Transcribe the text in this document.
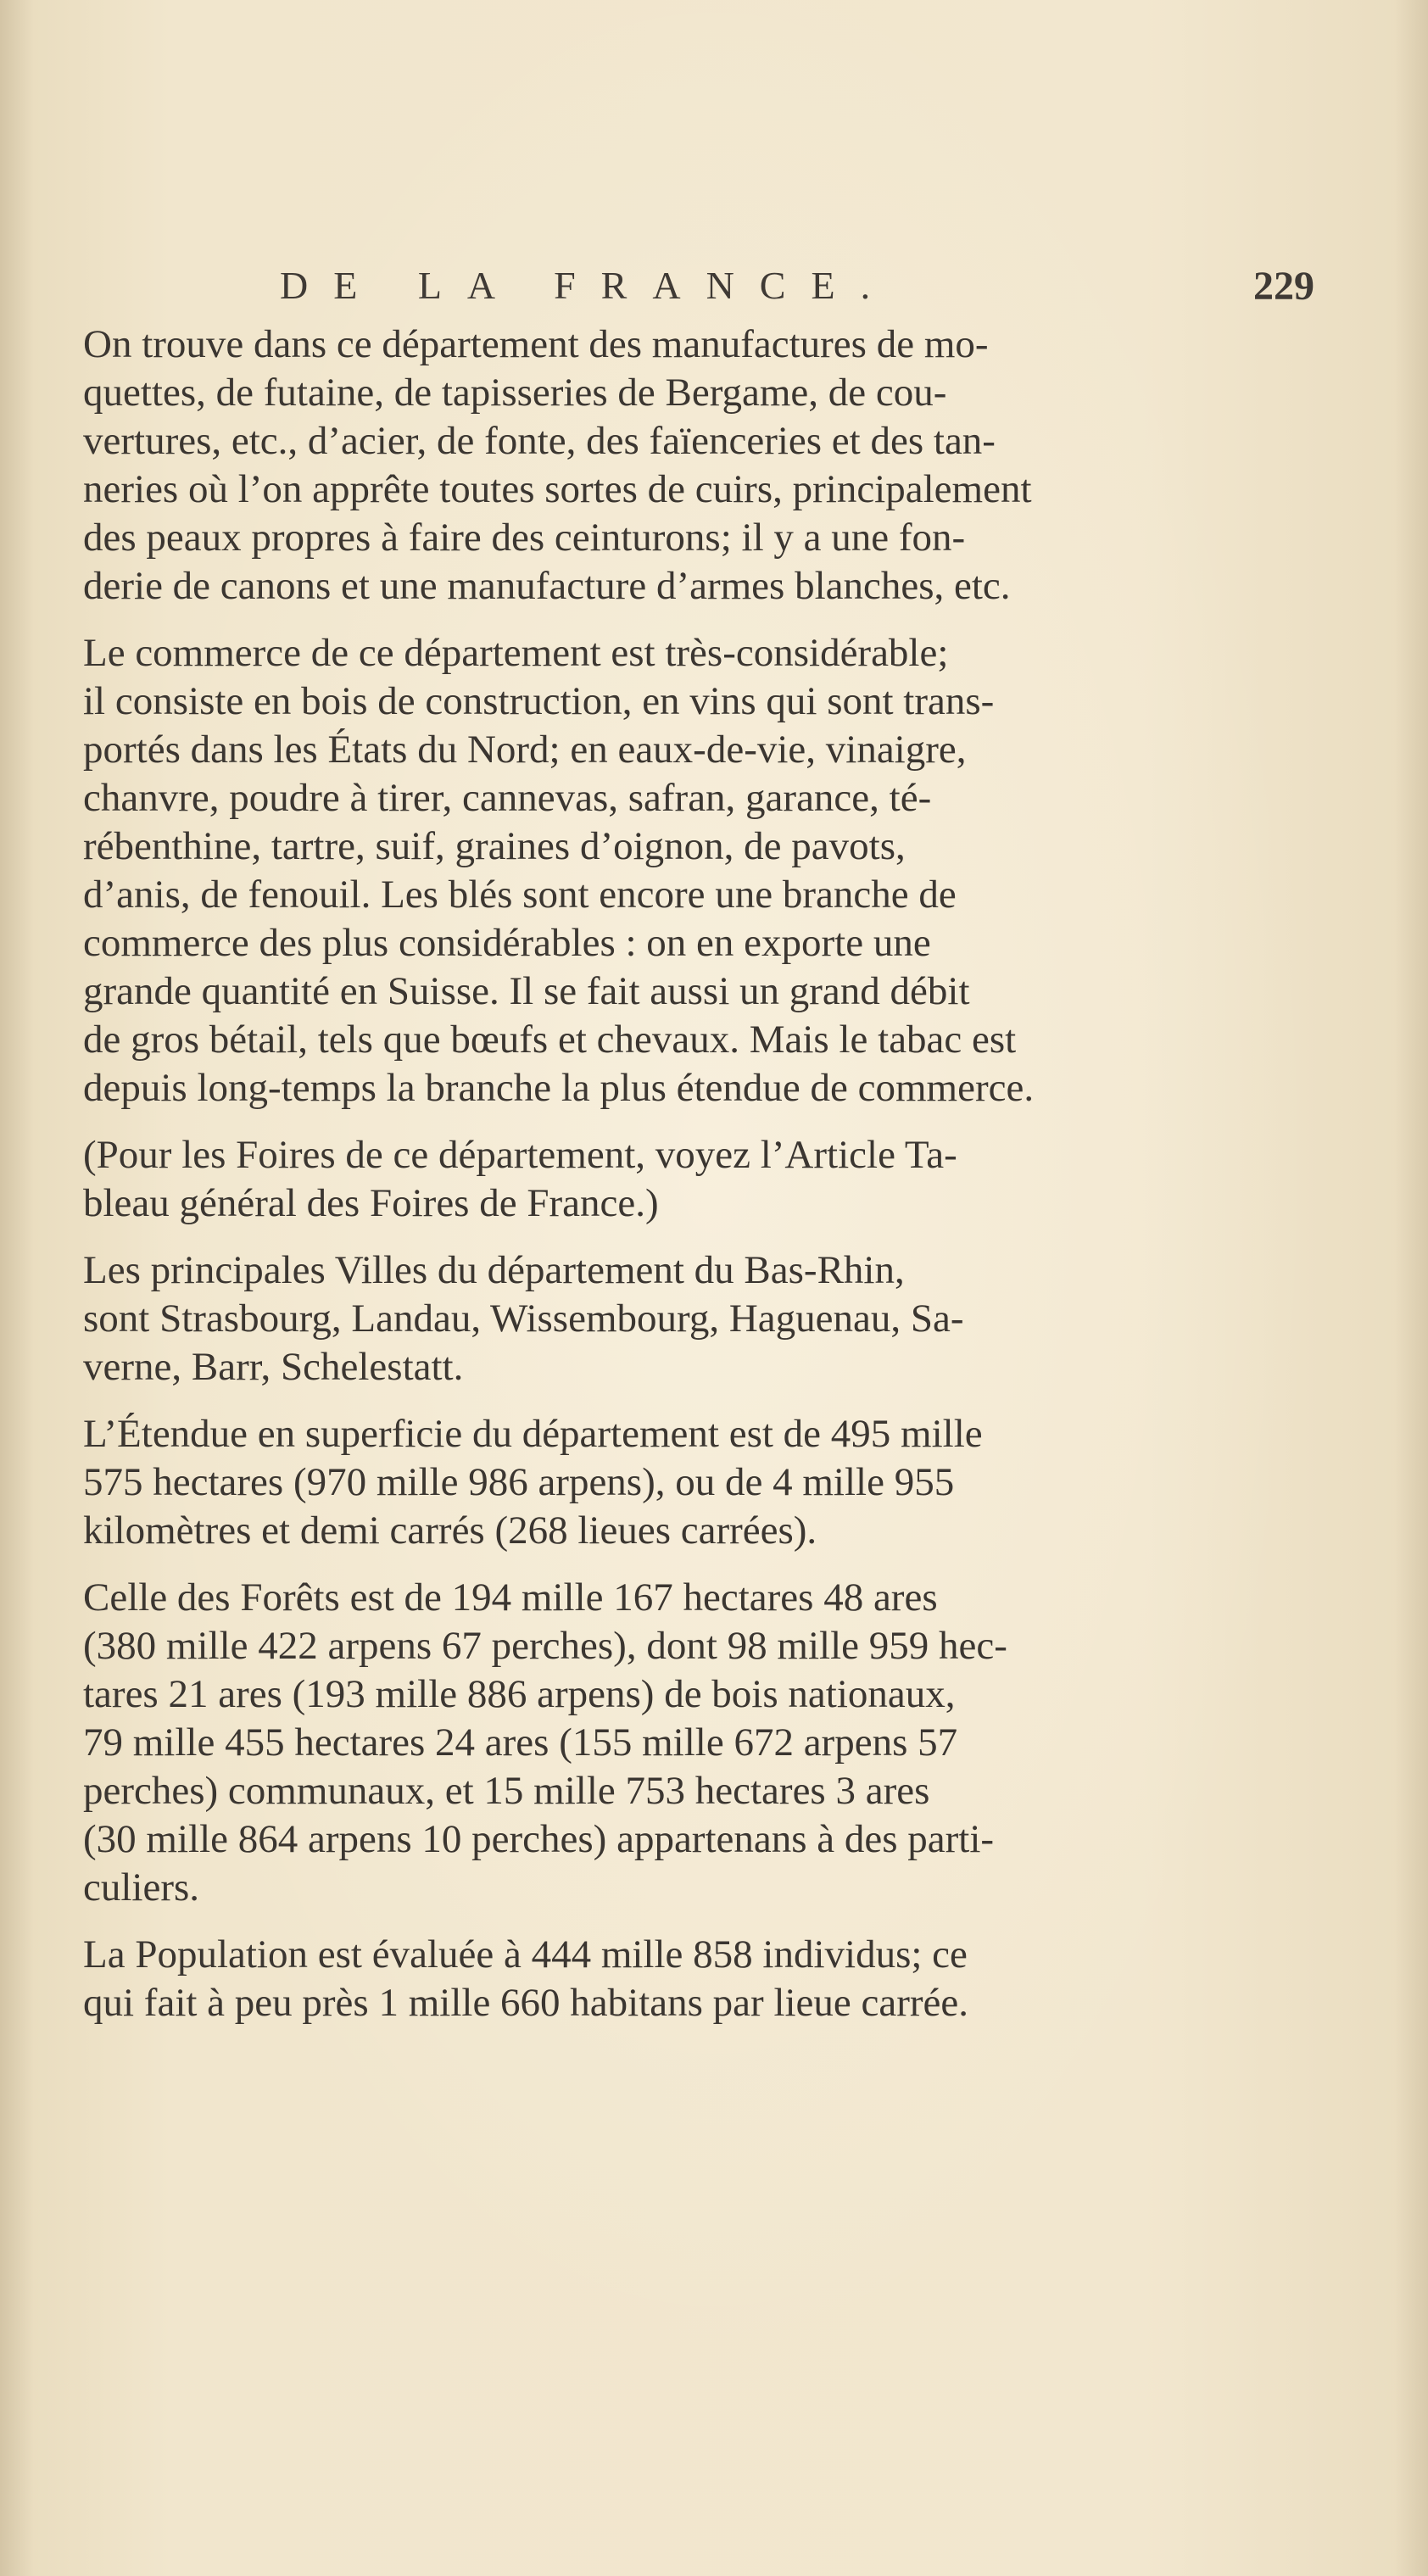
DE LA FRANCE.	229
On trouve dans ce département des manufactures de mo-
quettes, de futaine, de tapisseries de Bergame, de cou-
vertures, etc., d’acier, de fonte, des faïenceries et des tan-
neries où l’on apprête toutes sortes de cuirs, principalement
des peaux propres à faire des ceinturons; il y a une fon-
derie de canons et une manufacture d’armes blanches, etc.
Le commerce de ce département est très-considérable;
il consiste en bois de construction, en vins qui sont trans-
portés dans les États du Nord; en eaux-de-vie, vinaigre,
chanvre, poudre à tirer, cannevas, safran, garance, té-
rébenthine, tartre, suif, graines d’oignon, de pavots,
d’anis, de fenouil. Les blés sont encore une branche de
commerce des plus considérables : on en exporte une
grande quantité en Suisse. Il se fait aussi un grand débit
de gros bétail, tels que bœufs et chevaux. Mais le tabac est
depuis long-temps la branche la plus étendue de commerce.
(Pour les Foires de ce département, voyez l’Article Ta-
bleau général des Foires de France.)
Les principales Villes du département du Bas-Rhin,
sont Strasbourg, Landau, Wissembourg, Haguenau, Sa-
verne, Barr, Schelestatt.
L’Étendue en superficie du département est de 495 mille
575 hectares (970 mille 986 arpens), ou de 4 mille 955
kilomètres et demi carrés (268 lieues carrées).
Celle des Forêts est de 194 mille 167 hectares 48 ares
(380 mille 422 arpens 67 perches), dont 98 mille 959 hec-
tares 21 ares (193 mille 886 arpens) de bois nationaux,
79 mille 455 hectares 24 ares (155 mille 672 arpens 57
perches) communaux, et 15 mille 753 hectares 3 ares
(30 mille 864 arpens 10 perches) appartenans à des parti-
culiers.
La Population est évaluée à 444 mille 858 individus; ce
qui fait à peu près 1 mille 660 habitans par lieue carrée.
